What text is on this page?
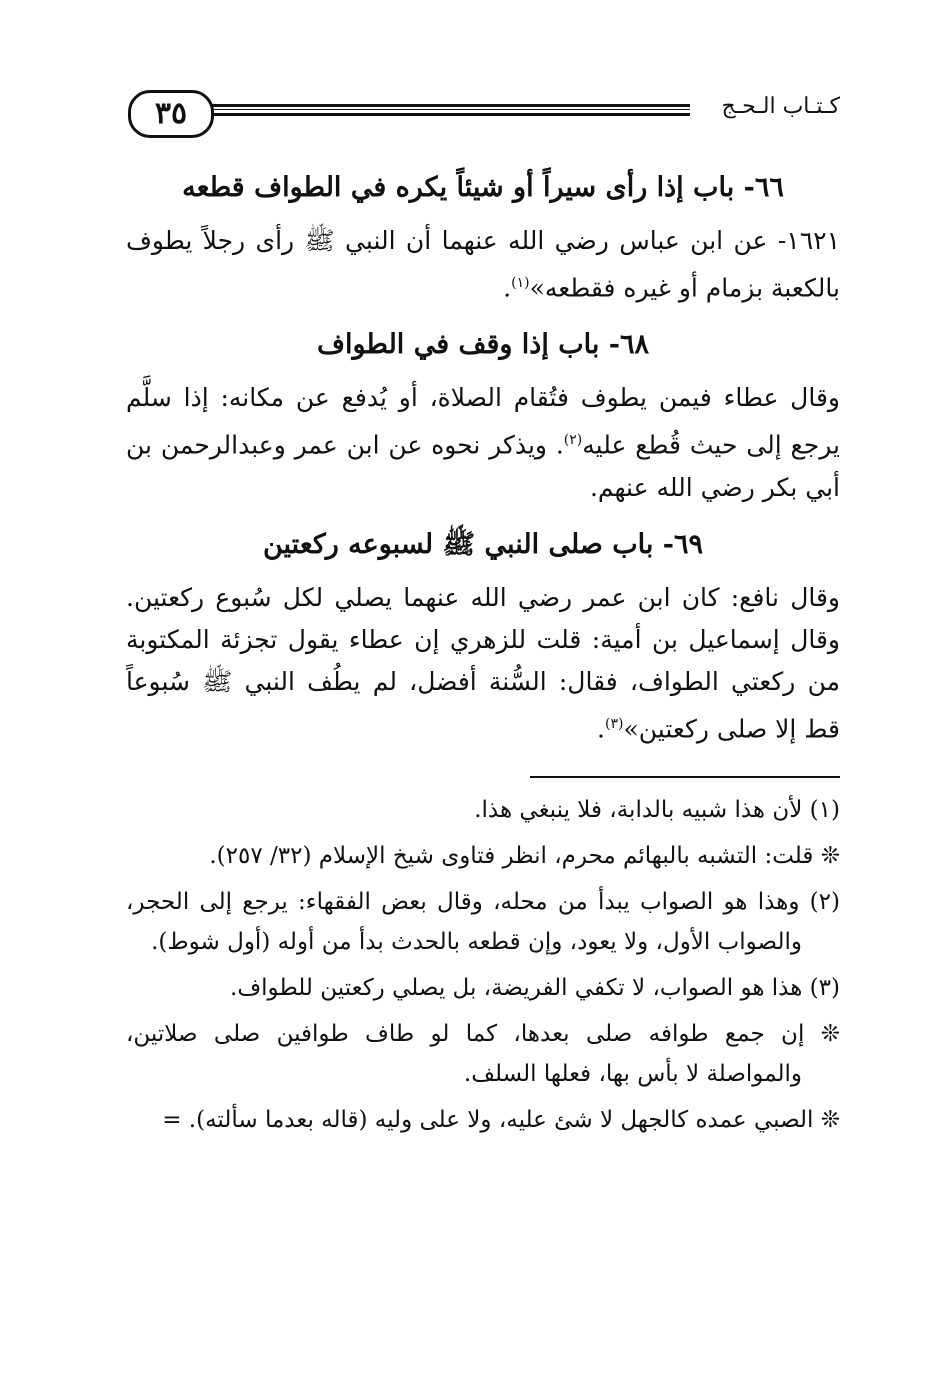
٣٥	كـتـاب الـحـج
٦٦- باب إذا رأى سيراً أو شيئاً يكره في الطواف قطعه

١٦٢١- عن ابن عباس رضي الله عنهما أن النبي ﷺ رأى رجلاً يطوف بالكعبة بزمام أو غيره فقطعه»$^{(١)}$.

٦٨- باب إذا وقف في الطواف

وقال عطاء فيمن يطوف فتُقام الصلاة، أو يُدفع عن مكانه: إذا سلَّم يرجع إلى حيث قُطع عليه$^{(٢)}$. ويذكر نحوه عن ابن عمر وعبدالرحمن بن أبي بكر رضي الله عنهم.

٦٩- باب صلى النبي ﷺ لسبوعه ركعتين

وقال نافع: كان ابن عمر رضي الله عنهما يصلي لكل سُبوع ركعتين. وقال إسماعيل بن أمية: قلت للزهري إن عطاء يقول تجزئة المكتوبة من ركعتي الطواف، فقال: السُّنة أفضل، لم يطُف النبي ﷺ سُبوعاً قط إلا صلى ركعتين»$^{(٣)}$.

(١) لأن هذا شبيه بالدابة، فلا ينبغي هذا.

❊ قلت: التشبه بالبهائم محرم، انظر فتاوى شيخ الإسلام (٣٢/ ٢٥٧).

(٢) وهذا هو الصواب يبدأ من محله، وقال بعض الفقهاء: يرجع إلى الحجر، والصواب الأول، ولا يعود، وإن قطعه بالحدث بدأ من أوله (أول شوط).

(٣) هذا هو الصواب، لا تكفي الفريضة، بل يصلي ركعتين للطواف.

❊ إن جمع طوافه صلى بعدها، كما لو طاف طوافين صلى صلاتين، والمواصلة لا بأس بها، فعلها السلف.

❊ الصبي عمده كالجهل لا شئ عليه، ولا على وليه (قاله بعدما سألته). =
